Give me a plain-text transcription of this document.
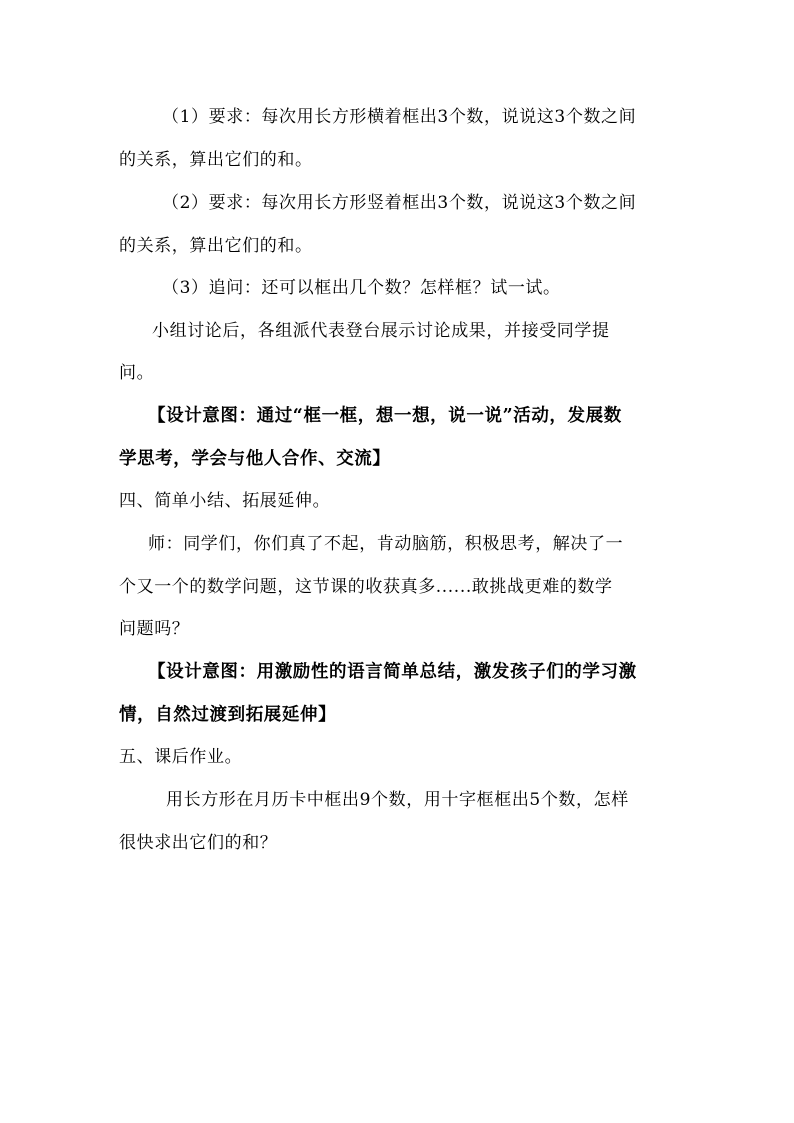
（1）要求：每次用长方形横着框出3个数，说说这3个数之间
的关系，算出它们的和。
（2）要求：每次用长方形竖着框出3个数，说说这3个数之间
的关系，算出它们的和。
（3）追问：还可以框出几个数？怎样框？试一试。
小组讨论后，各组派代表登台展示讨论成果，并接受同学提
问。
【设计意图：通过“框一框，想一想，说一说”活动，发展数
学思考，学会与他人合作、交流】
四、简单小结、拓展延伸。
师：同学们，你们真了不起，肯动脑筋，积极思考，解决了一
个又一个的数学问题，这节课的收获真多......敢挑战更难的数学
问题吗？
【设计意图：用激励性的语言简单总结，激发孩子们的学习激
情，自然过渡到拓展延伸】
五、课后作业。
用长方形在月历卡中框出9个数，用十字框框出5个数，怎样
很快求出它们的和？
